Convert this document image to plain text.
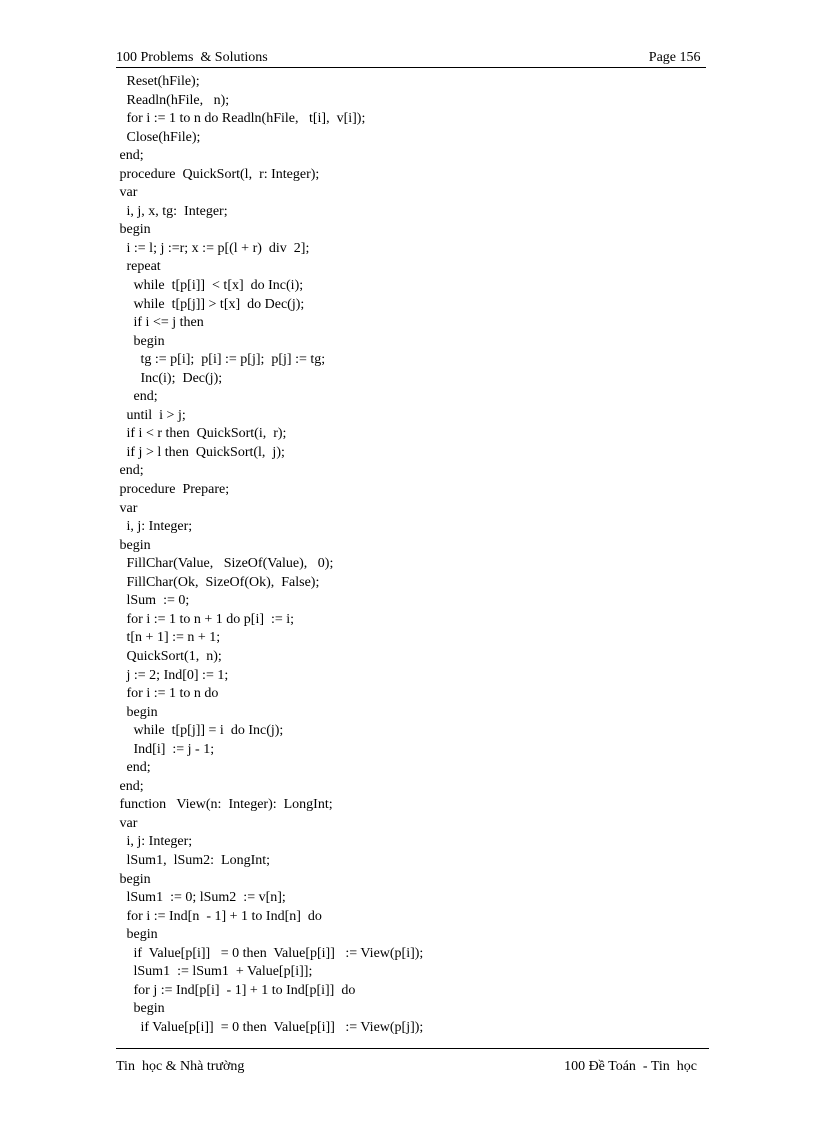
100 Problems  & Solutions	Page 156
Reset(hFile);
Readln(hFile,   n);
for i := 1 to n do Readln(hFile,   t[i],  v[i]);
Close(hFile);
end;
procedure  QuickSort(l,  r: Integer);
var
i, j, x, tg:  Integer;
begin
i := l; j :=r; x := p[(l + r)  div  2];
repeat
while  t[p[i]]  < t[x]  do Inc(i);
while  t[p[j]] > t[x]  do Dec(j);
if i <= j then
begin
tg := p[i];  p[i] := p[j];  p[j] := tg;
Inc(i);  Dec(j);
end;
until  i > j;
if i < r then  QuickSort(i,  r);
if j > l then  QuickSort(l,  j);
end;
procedure  Prepare;
var
i, j: Integer;
begin
FillChar(Value,   SizeOf(Value),   0);
FillChar(Ok,  SizeOf(Ok),  False);
lSum  := 0;
for i := 1 to n + 1 do p[i]  := i;
t[n + 1] := n + 1;
QuickSort(1,  n);
j := 2; Ind[0] := 1;
for i := 1 to n do
begin
while  t[p[j]] = i  do Inc(j);
Ind[i]  := j - 1;
end;
end;
function   View(n:  Integer):  LongInt;
var
i, j: Integer;
lSum1,  lSum2:  LongInt;
begin
lSum1  := 0; lSum2  := v[n];
for i := Ind[n  - 1] + 1 to Ind[n]  do
begin
if  Value[p[i]]   = 0 then  Value[p[i]]   := View(p[i]);
lSum1  := lSum1  + Value[p[i]];
for j := Ind[p[i]  - 1] + 1 to Ind[p[i]]  do
begin
if Value[p[i]]  = 0 then  Value[p[i]]   := View(p[j]);
Tin  học & Nhà trường	100 Đề Toán  - Tin  học
